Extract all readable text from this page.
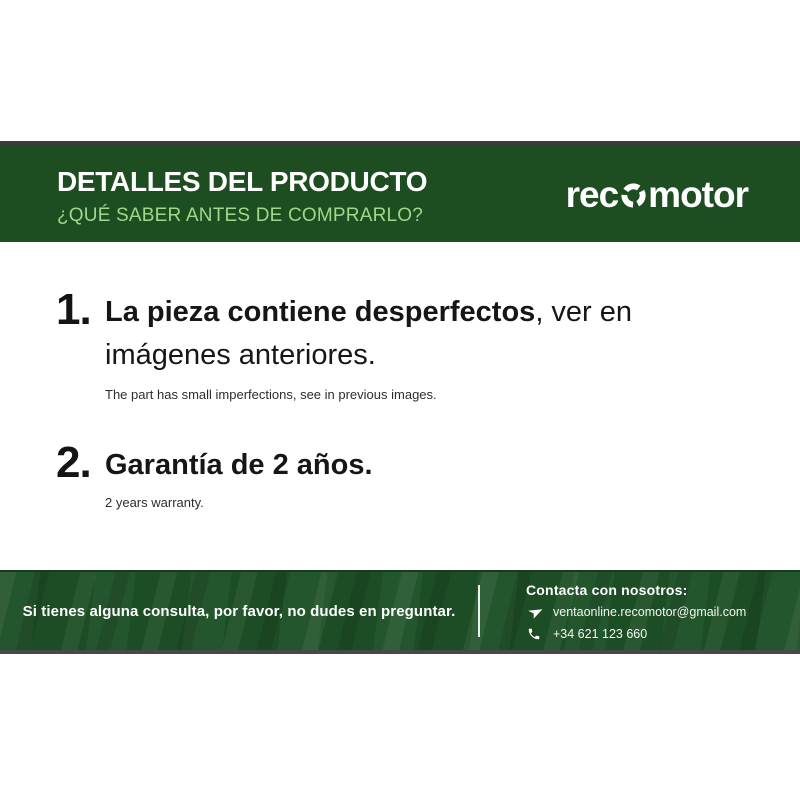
DETALLES DEL PRODUCTO
¿QUÉ SABER ANTES DE COMPRARLO?	rec motor
1. La pieza contiene desperfectos, ver en
imágenes anteriores.
The part has small imperfections, see in previous images.
2. Garantía de 2 años.
2 years warranty.
Si tienes alguna consulta, por favor, no dudes en preguntar.
Contacta con nosotros:
ventaonline.recomotor@gmail.com
+34 621 123 660
